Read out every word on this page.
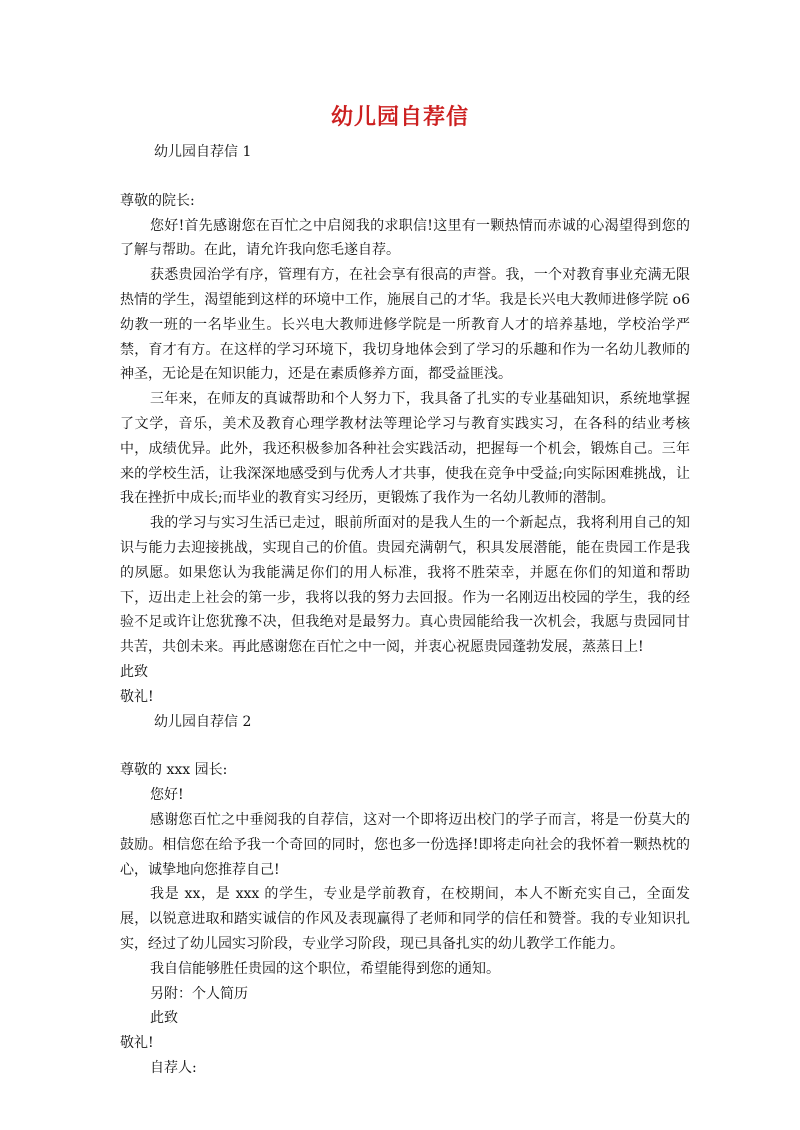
幼儿园自荐信

幼儿园自荐信 1

尊敬的院长:

您好!首先感谢您在百忙之中启阅我的求职信!这里有一颗热情而赤诚的心渴望得到您的了解与帮助。在此，请允许我向您毛遂自荐。

获悉贵园治学有序，管理有方，在社会享有很高的声誉。我，一个对教育事业充满无限热情的学生，渴望能到这样的环境中工作，施展自己的才华。我是长兴电大教师进修学院 o6 幼教一班的一名毕业生。长兴电大教师进修学院是一所教育人才的培养基地，学校治学严禁，育才有方。在这样的学习环境下，我切身地体会到了学习的乐趣和作为一名幼儿教师的神圣，无论是在知识能力，还是在素质修养方面，都受益匪浅。

三年来，在师友的真诚帮助和个人努力下，我具备了扎实的专业基础知识，系统地掌握了文学，音乐，美术及教育心理学教材法等理论学习与教育实践实习，在各科的结业考核中，成绩优异。此外，我还积极参加各种社会实践活动，把握每一个机会，锻炼自己。三年来的学校生活，让我深深地感受到与优秀人才共事，使我在竞争中受益;向实际困难挑战，让我在挫折中成长;而毕业的教育实习经历，更锻炼了我作为一名幼儿教师的潜制。

我的学习与实习生活已走过，眼前所面对的是我人生的一个新起点，我将利用自己的知识与能力去迎接挑战，实现自己的价值。贵园充满朝气，积具发展潜能，能在贵园工作是我的夙愿。如果您认为我能满足你们的用人标准，我将不胜荣幸，并愿在你们的知道和帮助下，迈出走上社会的第一步，我将以我的努力去回报。作为一名刚迈出校园的学生，我的经验不足或许让您犹豫不决，但我绝对是最努力。真心贵园能给我一次机会，我愿与贵园同甘共苦，共创未来。再此感谢您在百忙之中一阅，并衷心祝愿贵园蓬勃发展，蒸蒸日上!

此致

敬礼!

幼儿园自荐信 2

尊敬的 xxx 园长:

您好!

感谢您百忙之中垂阅我的自荐信，这对一个即将迈出校门的学子而言，将是一份莫大的鼓励。相信您在给予我一个奇回的同时，您也多一份选择!即将走向社会的我怀着一颗热枕的心，诚挚地向您推荐自己!

我是 xx，是 xxx 的学生，专业是学前教育，在校期间，本人不断充实自己，全面发展，以锐意进取和踏实诚信的作风及表现赢得了老师和同学的信任和赞誉。我的专业知识扎实，经过了幼儿园实习阶段，专业学习阶段，现已具备扎实的幼儿教学工作能力。

我自信能够胜任贵园的这个职位，希望能得到您的通知。

另附：个人简历

此致

敬礼!

自荐人:
